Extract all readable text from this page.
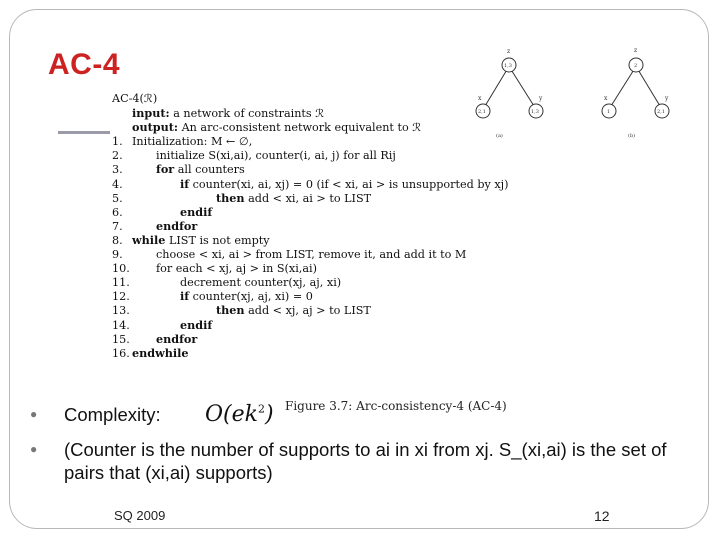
AC-4
AC-4(ℛ)
input: a network of constraints ℛ
output: An arc-consistent network equivalent to ℛ
1. Initialization: M ← ∅,
2.	initialize S(xi,ai), counter(i, ai, j) for all Rij
3.	for all counters
4.	if counter(xi, ai, xj) = 0 (if < xi, ai > is unsupported by xj)
5.	then add < xi, ai > to LIST
6.	endif
7.	endfor
8. while LIST is not empty
9.	choose < xi, ai > from LIST, remove it, and add it to M
10. for each < xj, aj > in S(xi,ai)
11.	decrement counter(xj, aj, xi)
12.	if counter(xj, aj, xi) = 0
13.	then add < xj, aj > to LIST
14.	endif
15. endfor
16. endwhile
z
1,3
x
2,1
y
1,3
(a)
z
2
x
1
y
2,1
(b)
Figure 3.7: Arc-consistency-4 (AC-4)
● Complexity:
● (Counter is the number of supports to ai in xi from xj. S_(xi,ai) is the set of pairs that (xi,ai) supports)
$O(ek^2)$
SQ 2009	12
